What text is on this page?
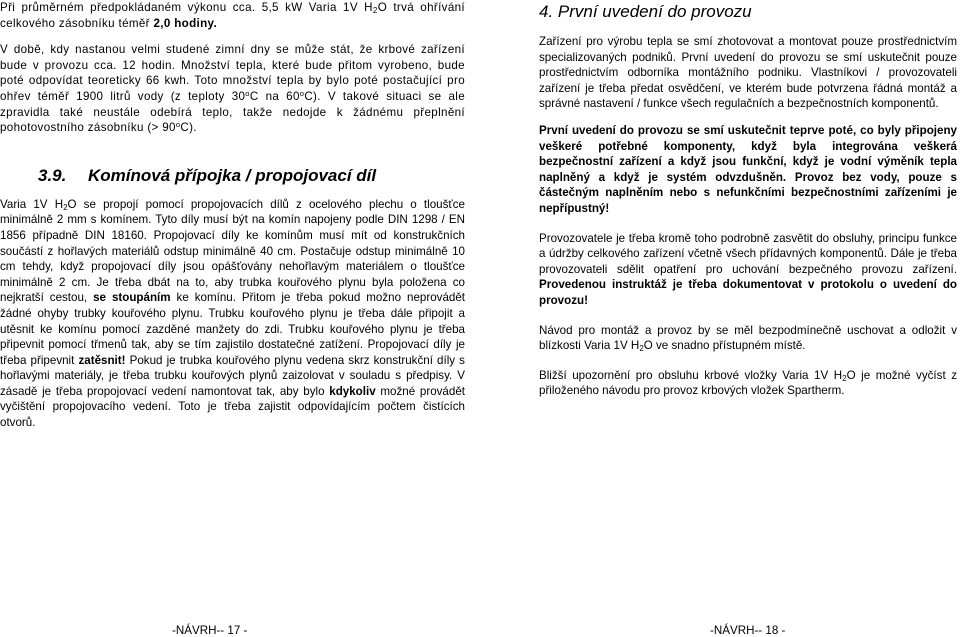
Při průměrném předpokládaném výkonu cca. 5,5 kW Varia 1V $H_2O$ trvá ohřívání celkového zásobníku téměř 2,0 hodiny.

V době, kdy nastanou velmi studené zimní dny se může stát, že krbové zařízení bude v provozu cca. 12 hodin. Množství tepla, které bude přitom vyrobeno, bude poté odpovídat teoreticky 66 kwh. Toto množství tepla by bylo poté postačující pro ohřev téměř 1900 litrů vody (z teploty 30$^o$C na 60$^o$C). V takové situaci se ale zpravidla také neustále odebírá teplo, takže nedojde k žádnému přeplnění pohotovostního zásobníku (> $90^oC$).

3.9.	Komínová přípojka / propojovací díl

Varia 1V $H_2O$ se propojí pomocí propojovacích dílů z ocelového plechu o tloušťce minimálně 2 mm s komínem. Tyto díly musí být na komín napojeny podle DIN 1298 / EN 1856 případně DIN 18160. Propojovací díly ke komínům musí mít od konstrukčních součástí z hořlavých materiálů odstup minimálně 40 cm. Postačuje odstup minimálně 10 cm tehdy, když propojovací díly jsou opášťovány nehořlavým materiálem o tloušťce minimálně 2 cm. Je třeba dbát na to, aby trubka kouřového plynu byla položena co nejkratší cestou, se stoupáním ke komínu. Přitom je třeba pokud možno neprovádět žádné ohyby trubky kouřového plynu. Trubku kouřového plynu je třeba dále připojit a utěsnit ke komínu pomocí zazděné manžety do zdi. Trubku kouřového plynu je třeba připevnit pomocí třmenů tak, aby se tím zajistilo dostatečné zatížení. Propojovací díly je třeba připevnit zatěsnit! Pokud je trubka kouřového plynu vedena skrz konstrukční díly s hořlavými materiály, je třeba trubku kouřových plynů zaizolovat v souladu s předpisy. V zásadě je třeba propojovací vedení namontovat tak, aby bylo kdykoliv možné provádět vyčištění propojovacího vedení. Toto je třeba zajistit odpovídajícím počtem čistících otvorů.

-NÁVRH-- 17 -
4. První uvedení do provozu

Zařízení pro výrobu tepla se smí zhotovovat a montovat pouze prostřednictvím specializovaných podniků. První uvedení do provozu se smí uskutečnit pouze prostřednictvím odborníka montážního podniku. Vlastníkovi / provozovateli zařízení je třeba předat osvědčení, ve kterém bude potvrzena řádná montáž a správné nastavení / funkce všech regulačních a bezpečnostních komponentů.

První uvedení do provozu se smí uskutečnit teprve poté, co byly připojeny veškeré potřebné komponenty, když byla integrována veškerá bezpečnostní zařízení a když jsou funkční, když je vodní výměník tepla naplněný a když je systém odvzdušněn. Provoz bez vody, pouze s částečným naplněním nebo s nefunkčními bezpečnostními zařízeními je nepřípustný!

Provozovatele je třeba kromě toho podrobně zasvětit do obsluhy, principu funkce a údržby celkového zařízení včetně všech přídavných komponentů. Dále je třeba provozovateli sdělit opatření pro uchování bezpečného provozu zařízení. Provedenou instruktáž je třeba dokumentovat v protokolu o uvedení do provozu!

Návod pro montáž a provoz by se měl bezpodmínečně uschovat a odložit v blízkosti Varia 1V $H_2O$ ve snadno přístupném místě.

Bližší upozornění pro obsluhu krbové vložky Varia 1V $H_2O$ je možné vyčíst z přiloženého návodu pro provoz krbových vložek Spartherm.

-NÁVRH-- 18 -
